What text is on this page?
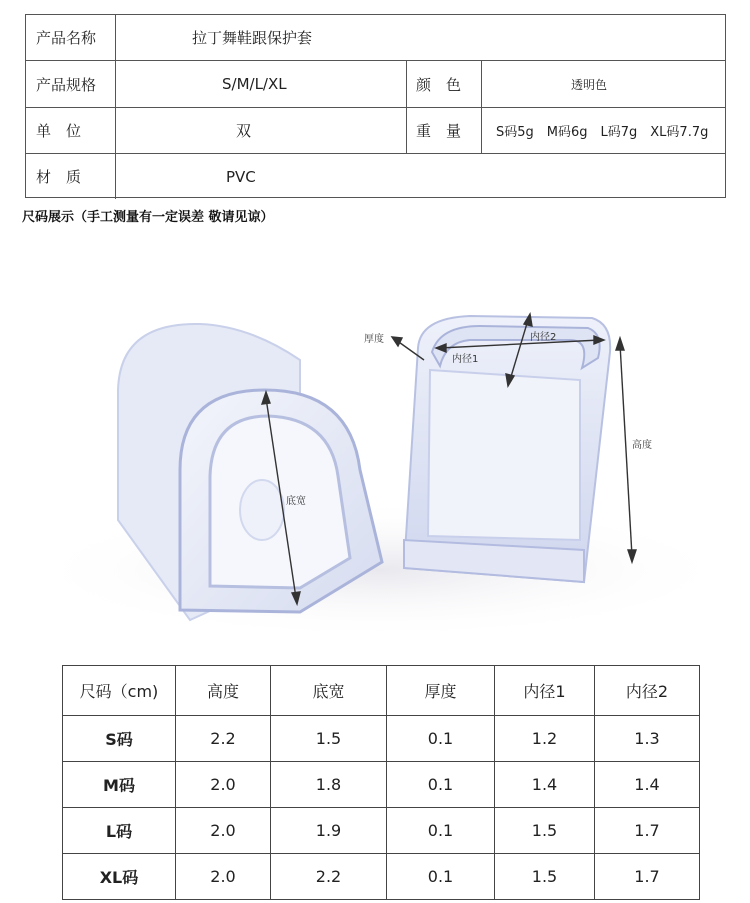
产品名称	拉丁舞鞋跟保护套
产品规格	S/M/L/XL	颜　色	透明色
单　位	双	重　量	S码5g　M码6g　L码7g　XL码7.7g
材　质	PVC
尺码展示（手工测量有一定误差 敬请见谅）
厚度
内径1
内径2
高度
底宽
尺码（cm)	高度	底宽	厚度	内径1	内径2
S码	2.2	1.5	0.1	1.2	1.3
M码	2.0	1.8	0.1	1.4	1.4
L码	2.0	1.9	0.1	1.5	1.7
XL码	2.0	2.2	0.1	1.5	1.7
